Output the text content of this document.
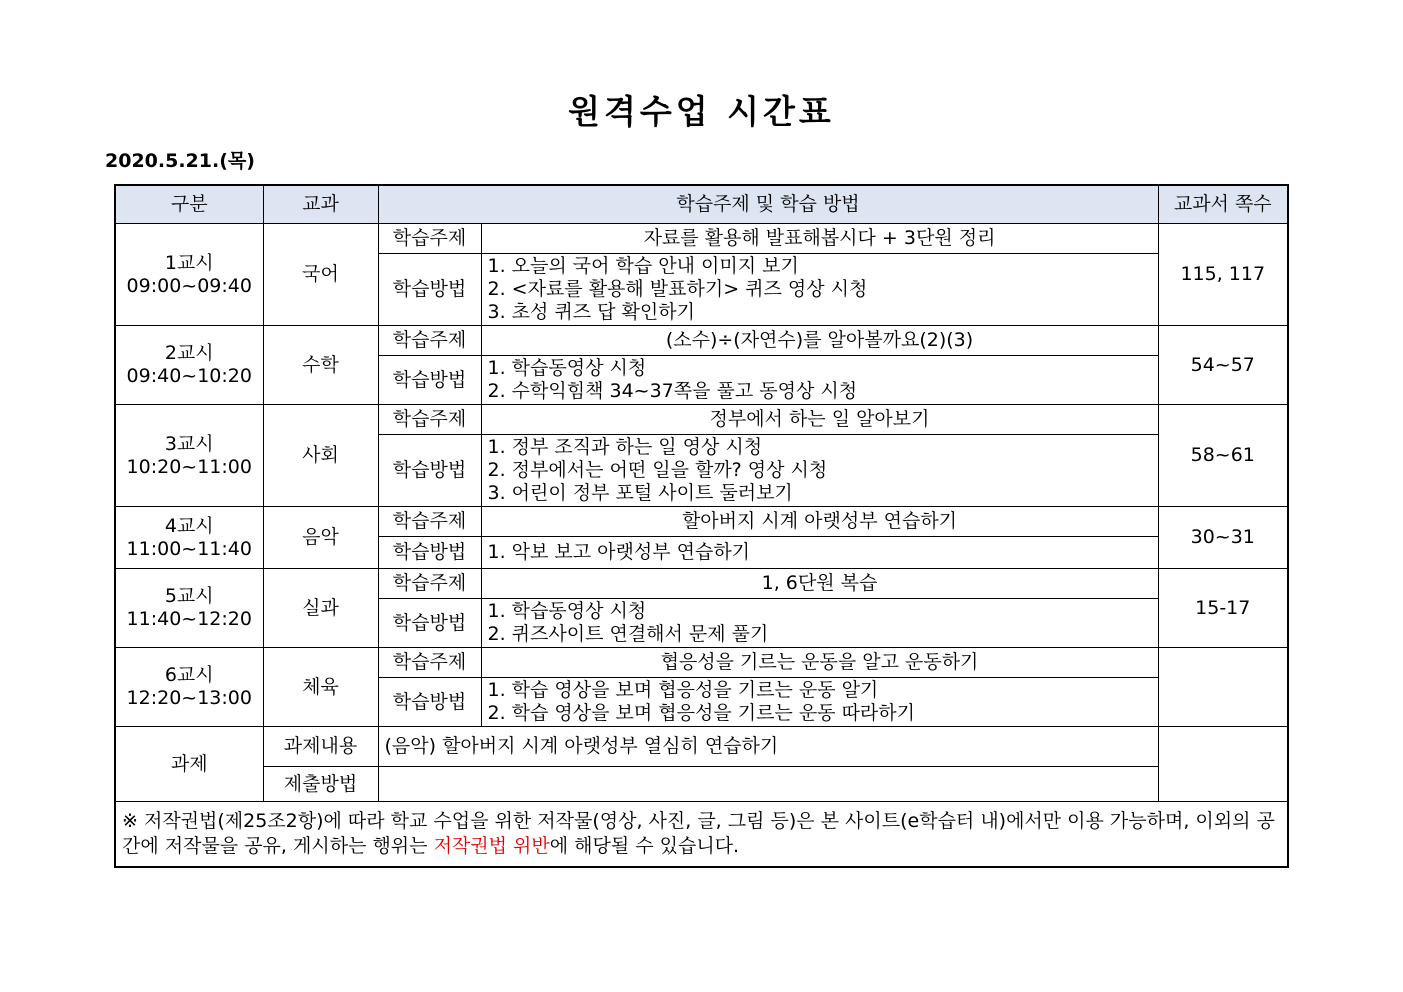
원격수업 시간표
2020.5.21.(목)
구분	교과	학습주제 및 학습 방법		교과서 쪽수

1교시
09:00~09:40	국어	학습주제	자료를 활용해 발표해봅시다 + 3단원 정리	115, 117
		학습방법	1. 오늘의 국어 학습 안내 이미지 보기
2. <자료를 활용해 발표하기> 퀴즈 영상 시청
3. 초성 퀴즈 답 확인하기	

2교시
09:40~10:20	수학	학습주제	(소수)÷(자연수)를 알아볼까요(2)(3)	54~57
		학습방법	1. 학습동영상 시청
2. 수학익힘책 34~37쪽을 풀고 동영상 시청	

3교시
10:20~11:00	사회	학습주제	정부에서 하는 일 알아보기	58~61
		학습방법	1. 정부 조직과 하는 일 영상 시청
2. 정부에서는 어떤 일을 할까? 영상 시청
3. 어린이 정부 포털 사이트 둘러보기	

4교시
11:00~11:40	음악	학습주제	할아버지 시계 아랫성부 연습하기	30~31
		학습방법	1. 악보 보고 아랫성부 연습하기	

5교시
11:40~12:20	실과	학습주제	1, 6단원 복습	15-17
		학습방법	1. 학습동영상 시청
2. 퀴즈사이트 연결해서 문제 풀기	

6교시
12:20~13:00	체육	학습주제	협응성을 기르는 운동을 알고 운동하기	
		학습방법	1. 학습 영상을 보며 협응성을 기르는 운동 알기
2. 학습 영상을 보며 협응성을 기르는 운동 따라하기	

과제	과제내용	(음악) 할아버지 시계 아랫성부 열심히 연습하기		
	제출방법			
※ 저작권법(제25조2항)에 따라 학교 수업을 위한 저작물(영상, 사진, 글, 그림 등)은 본 사이트(e학습터 내)에서만 이용 가능하며, 이외의 공간에 저작물을 공유, 게시하는 행위는 저작권법 위반에 해당될 수 있습니다.				
